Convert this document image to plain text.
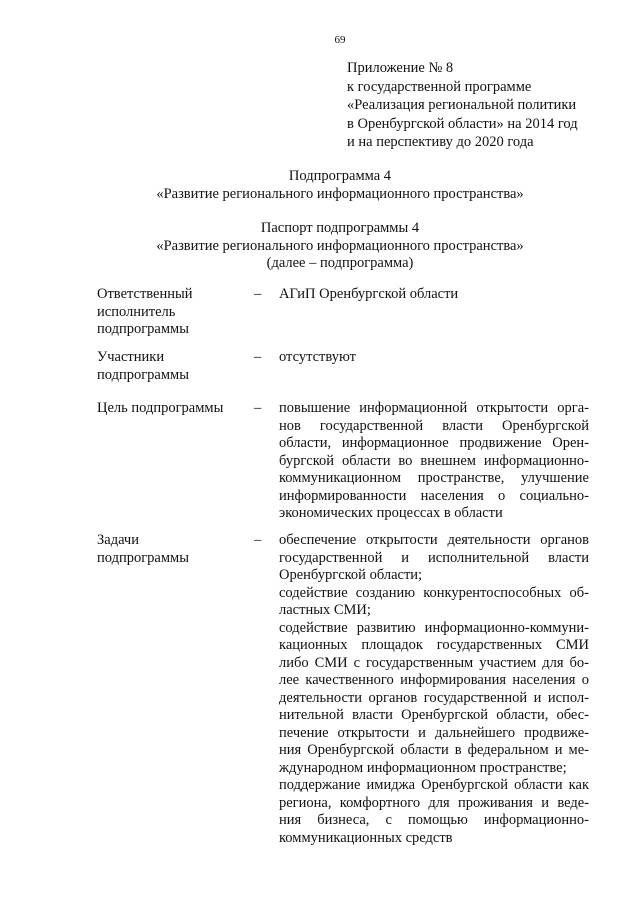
69
Приложение № 8
к государственной программе
«Реализация региональной политики
в Оренбургской области» на 2014 год
и на перспективу до 2020 года
Подпрограмма 4
«Развитие регионального информационного пространства»
Паспорт подпрограммы 4
«Развитие регионального информационного пространства»
(далее – подпрограмма)
Ответственный
исполнитель
подпрограммы
– АГиП Оренбургской области
Участники
подпрограммы
– отсутствуют
Цель подпрограммы	– повышение информационной открытости орга-
нов государственной власти Оренбургской
области, информационное продвижение Орен-
бургской области во внешнем информационно-
коммуникационном пространстве, улучшение
информированности населения о социально-
экономических процессах в области
Задачи
подпрограммы
– обеспечение открытости деятельности органов
государственной и исполнительной власти
Оренбургской области;
содействие созданию конкурентоспособных об-
ластных СМИ;
содействие развитию информационно-коммуни-
кационных площадок государственных СМИ
либо СМИ с государственным участием для бо-
лее качественного информирования населения о
деятельности органов государственной и испол-
нительной власти Оренбургской области, обес-
печение открытости и дальнейшего продвиже-
ния Оренбургской области в федеральном и ме-
ждународном информационном пространстве;
поддержание имиджа Оренбургской области как
региона, комфортного для проживания и веде-
ния бизнеса, с помощью информационно-
коммуникационных средств
